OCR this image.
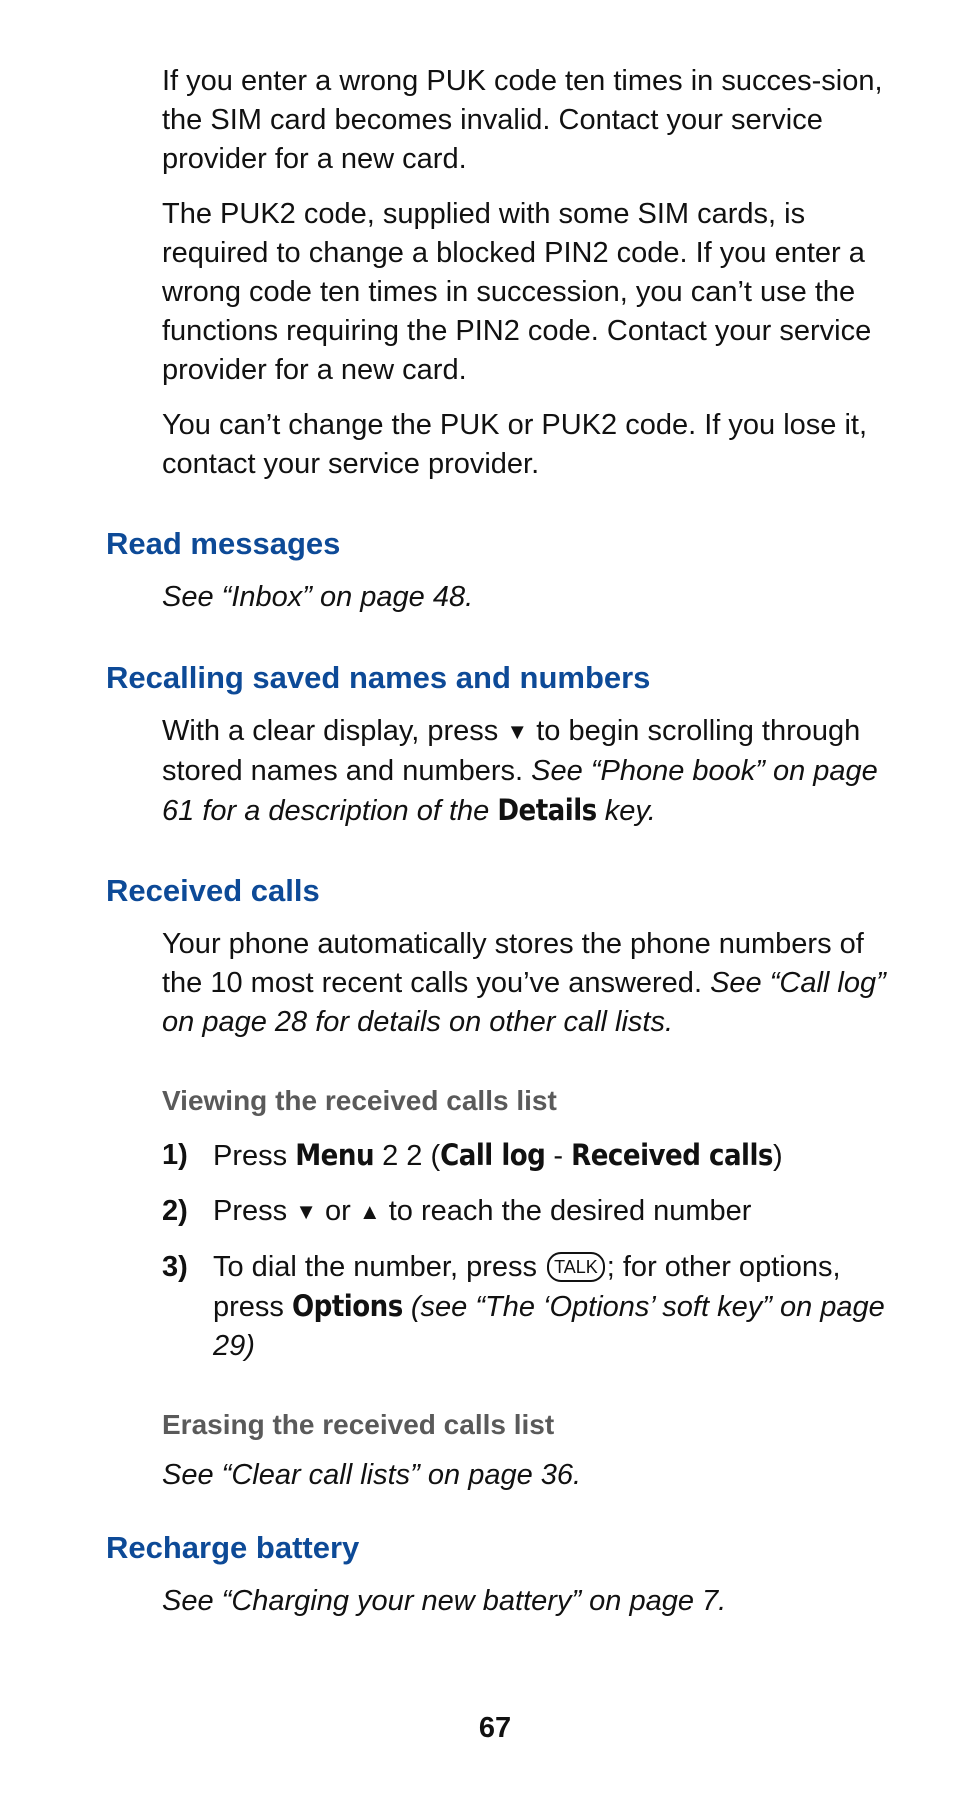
If you enter a wrong PUK code ten times in succes-sion, the SIM card becomes invalid. Contact your service provider for a new card.

The PUK2 code, supplied with some SIM cards, is required to change a blocked PIN2 code. If you enter a wrong code ten times in succession, you can’t use the functions requiring the PIN2 code. Contact your service provider for a new card.

You can’t change the PUK or PUK2 code. If you lose it, contact your service provider.

Read messages

See “Inbox” on page 48.

Recalling saved names and numbers

With a clear display, press ▼ to begin scrolling through stored names and numbers. See “Phone book” on page 61 for a description of the Details key.

Received calls

Your phone automatically stores the phone numbers of the 10 most recent calls you’ve answered. See “Call log” on page 28 for details on other call lists.

Viewing the received calls list
1) Press Menu 2 2 (Call log - Received calls)
2) Press ▼ or ▲ to reach the desired number
3) To dial the number, press TALK ; for other options, press Options (see “The ‘Options’ soft key” on page 29)
Erasing the received calls list

See “Clear call lists” on page 36.

Recharge battery

See “Charging your new battery” on page 7.

67
